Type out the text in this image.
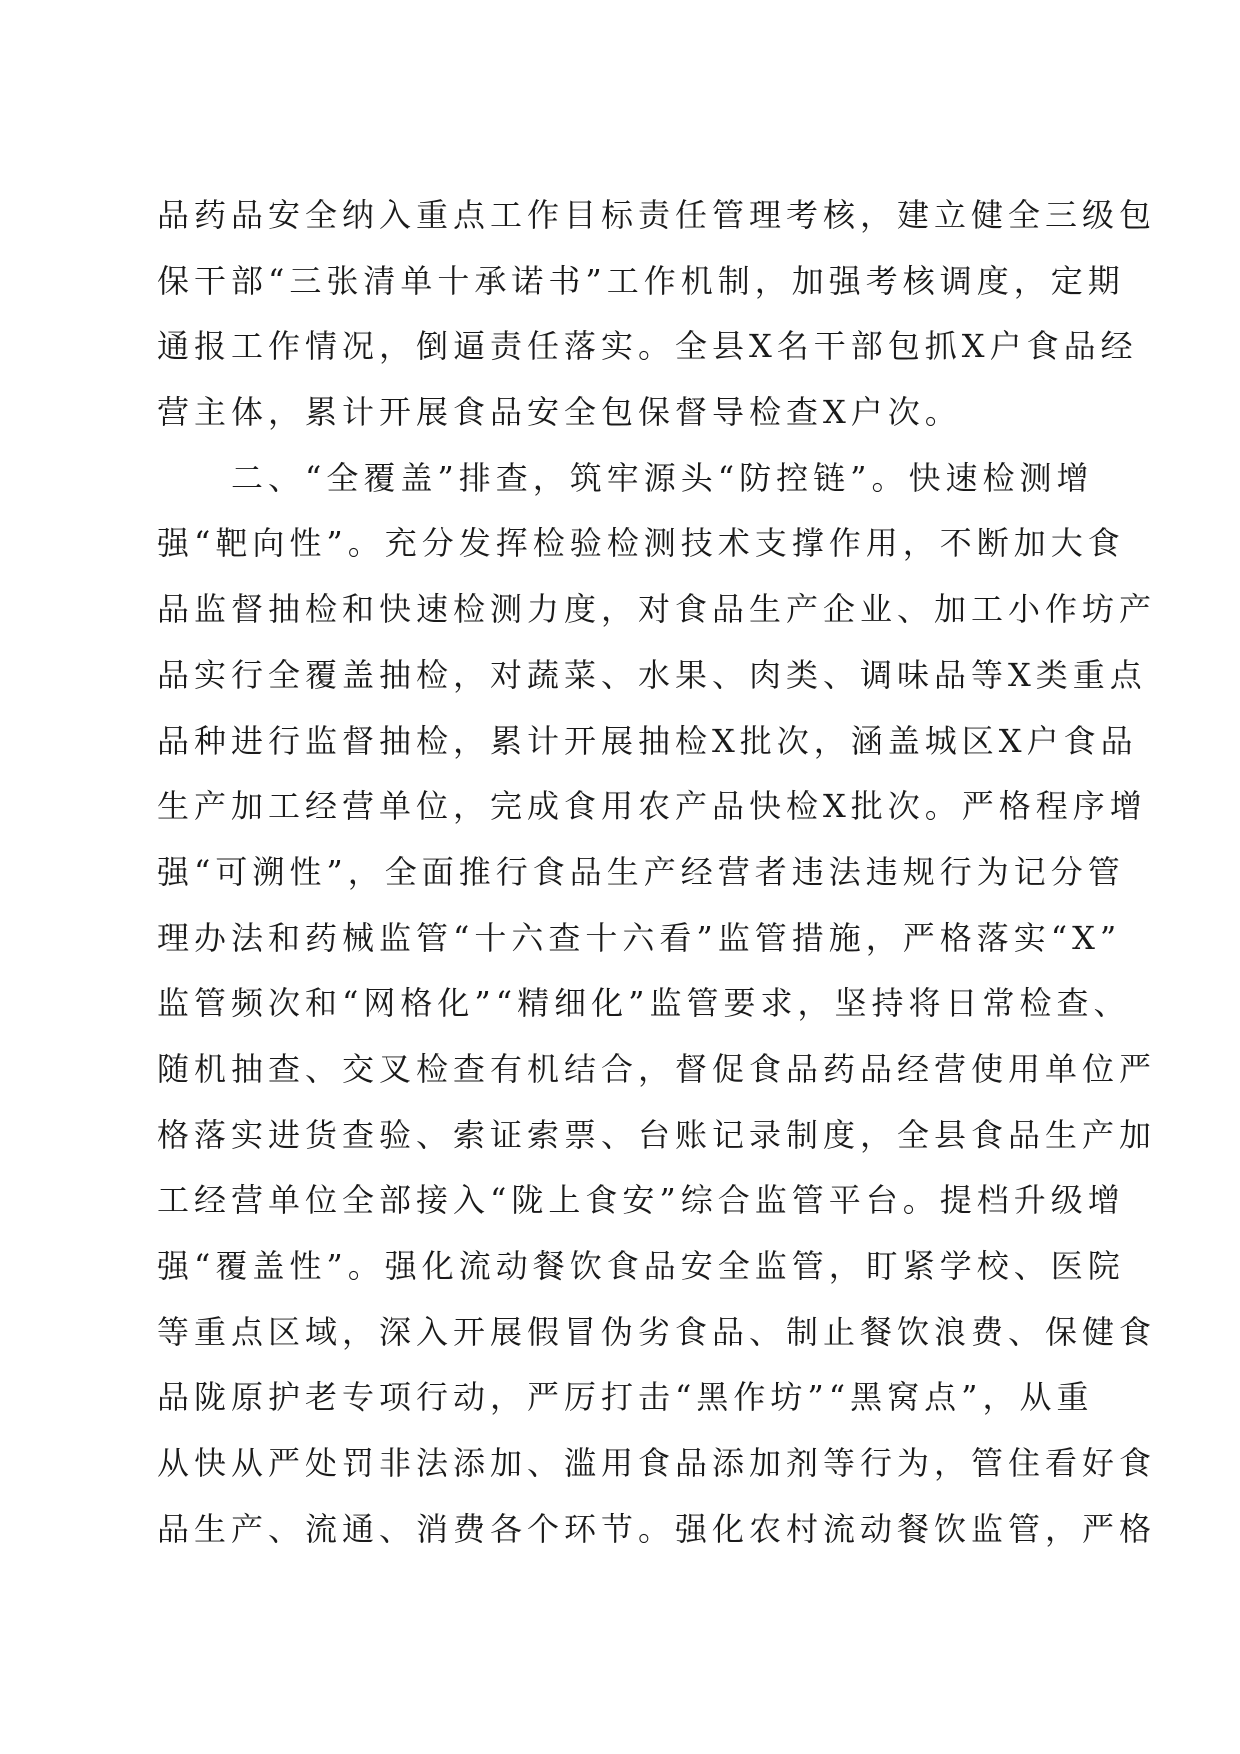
品药品安全纳入重点工作目标责任管理考核，建立健全三级包
保干部“三张清单十承诺书”工作机制，加强考核调度，定期
通报工作情况，倒逼责任落实。全县X名干部包抓X户食品经
营主体，累计开展食品安全包保督导检查X户次。
　　二、“全覆盖”排查，筑牢源头“防控链”。快速检测增
强“靶向性”。充分发挥检验检测技术支撑作用，不断加大食
品监督抽检和快速检测力度，对食品生产企业、加工小作坊产
品实行全覆盖抽检，对蔬菜、水果、肉类、调味品等X类重点
品种进行监督抽检，累计开展抽检X批次，涵盖城区X户食品
生产加工经营单位，完成食用农产品快检X批次。严格程序增
强“可溯性”，全面推行食品生产经营者违法违规行为记分管
理办法和药械监管“十六查十六看”监管措施，严格落实“X”
监管频次和“网格化”“精细化”监管要求，坚持将日常检查、
随机抽查、交叉检查有机结合，督促食品药品经营使用单位严
格落实进货查验、索证索票、台账记录制度，全县食品生产加
工经营单位全部接入“陇上食安”综合监管平台。提档升级增
强“覆盖性”。强化流动餐饮食品安全监管，盯紧学校、医院
等重点区域，深入开展假冒伪劣食品、制止餐饮浪费、保健食
品陇原护老专项行动，严厉打击“黑作坊”“黑窝点”，从重
从快从严处罚非法添加、滥用食品添加剂等行为，管住看好食
品生产、流通、消费各个环节。强化农村流动餐饮监管，严格
